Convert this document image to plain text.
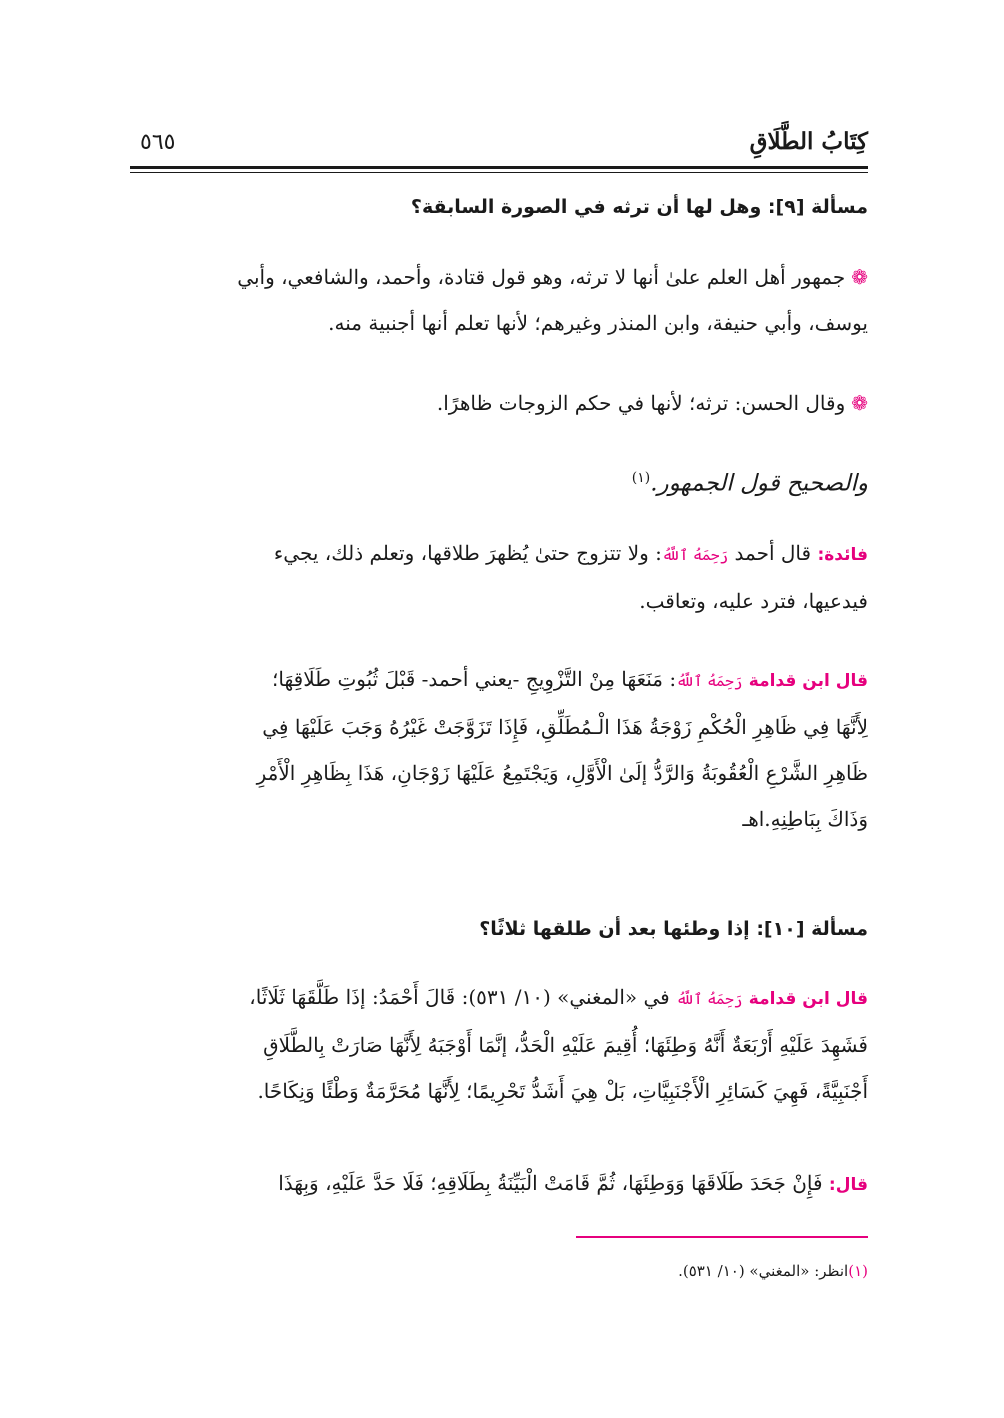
كِتَابُ الطَّلَاقِ
٥٦٥
مسألة [٩]: وهل لها أن ترثه في الصورة السابقة؟
❁جمهور أهل العلم علىٰ أنها لا ترثه، وهو قول قتادة، وأحمد، والشافعي، وأبي
يوسف، وأبي حنيفة، وابن المنذر وغيرهم؛ لأنها تعلم أنها أجنبية منه.
❁وقال الحسن: ترثه؛ لأنها في حكم الزوجات ظاهرًا.
والصحيح قول الجمهور.$^{(١)}$
فائدة: قال أحمد رَحِمَهُ ٱللَّهُ: ولا تتزوج حتىٰ يُظهرَ طلاقها، وتعلم ذلك، يجيء
فيدعيها، فترد عليه، وتعاقب.
قال ابن قدامة رَحِمَهُ ٱللَّهُ: مَنَعَهَا مِنْ التَّزْوِيجِ -يعني أحمد- قَبْلَ ثُبُوتِ طَلَاقِهَا؛
لِأَنَّهَا فِي ظَاهِرِ الْحُكْمِ زَوْجَةُ هَذَا الْـمُطَلِّقِ، فَإِذَا تَزَوَّجَتْ غَيْرُهُ وَجَبَ عَلَيْهَا فِي
ظَاهِرِ الشَّرْعِ الْعُقُوبَةُ وَالرَّدُّ إلَىٰ الْأَوَّلِ، وَيَجْتَمِعُ عَلَيْهَا زَوْجَانِ، هَذَا بِظَاهِرِ الْأَمْرِ
وَذَاكَ بِبَاطِنِهِ.اهـ
مسألة [١٠]: إذا وطئها بعد أن طلقها ثلاثًا؟
قال ابن قدامة رَحِمَهُ ٱللَّهُ في «المغني» (١٠/ ٥٣١): قَالَ أَحْمَدُ: إذَا طَلَّقَهَا ثَلَاثًا،
فَشَهِدَ عَلَيْهِ أَرْبَعَةٌ أَنَّهُ وَطِئَهَا؛ أُقِيمَ عَلَيْهِ الْحَدُّ، إنَّمَا أَوْجَبَهُ لِأَنَّهَا صَارَتْ بِالطَّلَاقِ
أَجْنَبِيَّةً، فَهِيَ كَسَائِرِ الْأَجْنَبِيَّاتِ، بَلْ هِيَ أَشَدُّ تَحْرِيمًا؛ لِأَنَّهَا مُحَرَّمَةٌ وَطْئًا وَنِكَاحًا.
قال: فَإِنْ جَحَدَ طَلَاقَهَا وَوَطِئَهَا، ثُمَّ قَامَتْ الْبَيِّنَةُ بِطَلَاقِهِ؛ فَلَا حَدَّ عَلَيْهِ، وَبِهَذَا
(١)انظر: «المغني» (١٠/ ٥٣١).
